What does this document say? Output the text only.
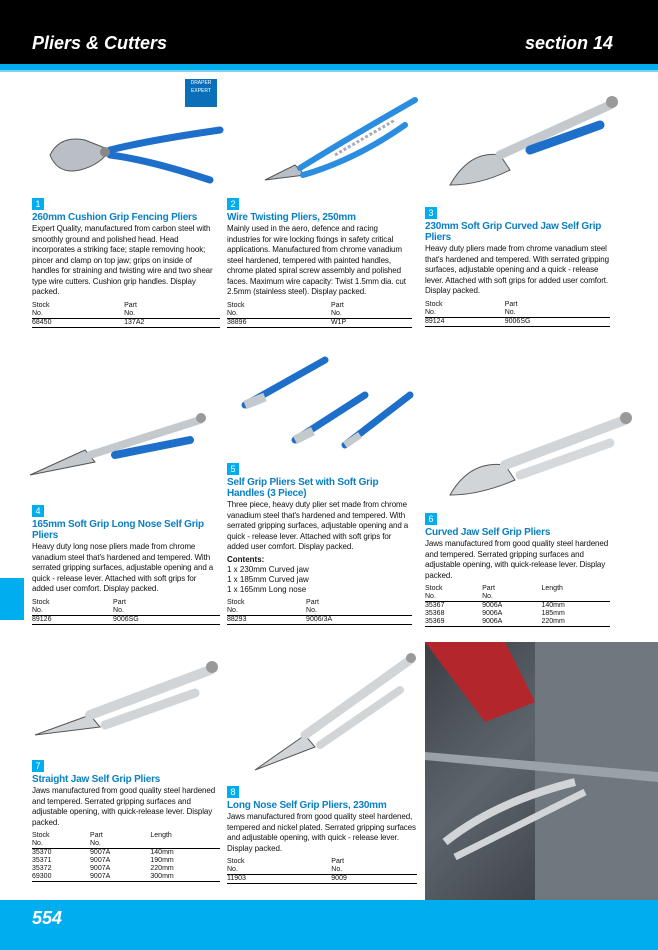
Pliers & Cutters	section 14
DRAPER EXPERT
1
260mm Cushion Grip Fencing Pliers
Expert Quality, manufactured from carbon steel with smoothly ground and polished head. Head incorporates a striking face; staple removing hook; pincer and clamp on top jaw; grips on inside of handles for straining and twisting wire and two shear type wire cutters. Cushion grip handles. Display packed.
Stock	Part
No.	No.
68450	137A2
2
Wire Twisting Pliers, 250mm
Mainly used in the aero, defence and racing industries for wire locking fixings in safety critical applications. Manufactured from chrome vanadium steel hardened, tempered with painted handles, chrome plated spiral screw assembly and polished faces. Maximum wire capacity: Twist 1.5mm dia. cut 2.5mm (stainless steel). Display packed.
Stock	Part
No.	No.
38896	W1P
3
230mm Soft Grip Curved Jaw Self Grip Pliers
Heavy duty pliers made from chrome vanadium steel that's hardened and tempered. With serrated gripping surfaces, adjustable opening and a quick - release lever. Attached with soft grips for added user comfort. Display packed.
Stock	Part
No.	No.
89124	9006SG
4
165mm Soft Grip Long Nose Self Grip Pliers
Heavy duty long nose pliers made from chrome vanadium steel that's hardened and tempered. With serrated gripping surfaces, adjustable opening and a quick - release lever. Attached with soft grips for added user comfort. Display packed.
Stock	Part
No.	No.
89126	9006SG
5
Self Grip Pliers Set with Soft Grip Handles (3 Piece)
Three piece, heavy duty plier set made from chrome vanadium steel that's hardened and tempered. With serrated gripping surfaces, adjustable opening and a quick - release lever. Attached with soft grips for added user comfort. Display packed.
Contents:
1 x 230mm Curved jaw
1 x 185mm Curved jaw
1 x 165mm Long nose
Stock	Part
No.	No.
88293	9006/3A
6
Curved Jaw Self Grip Pliers
Jaws manufactured from good quality steel hardened and tempered. Serrated gripping surfaces and adjustable opening, with quick-release lever. Display packed.
Stock	Part	Length
No.	No.	
35367	9006A	140mm
35368	9006A	185mm
35369	9006A	220mm
7
Straight Jaw Self Grip Pliers
Jaws manufactured from good quality steel hardened and tempered. Serrated gripping surfaces and adjustable opening, with quick-release lever. Display packed.
Stock	Part	Length
No.	No.	
35370	9007A	140mm
35371	9007A	190mm
35372	9007A	220mm
69300	9007A	300mm
8
Long Nose Self Grip Pliers, 230mm
Jaws manufactured from good quality steel hardened, tempered and nickel plated. Serrated gripping surfaces and adjustable opening, with quick - release lever. Display packed.
Stock	Part
No.	No.
11903	9009
554
